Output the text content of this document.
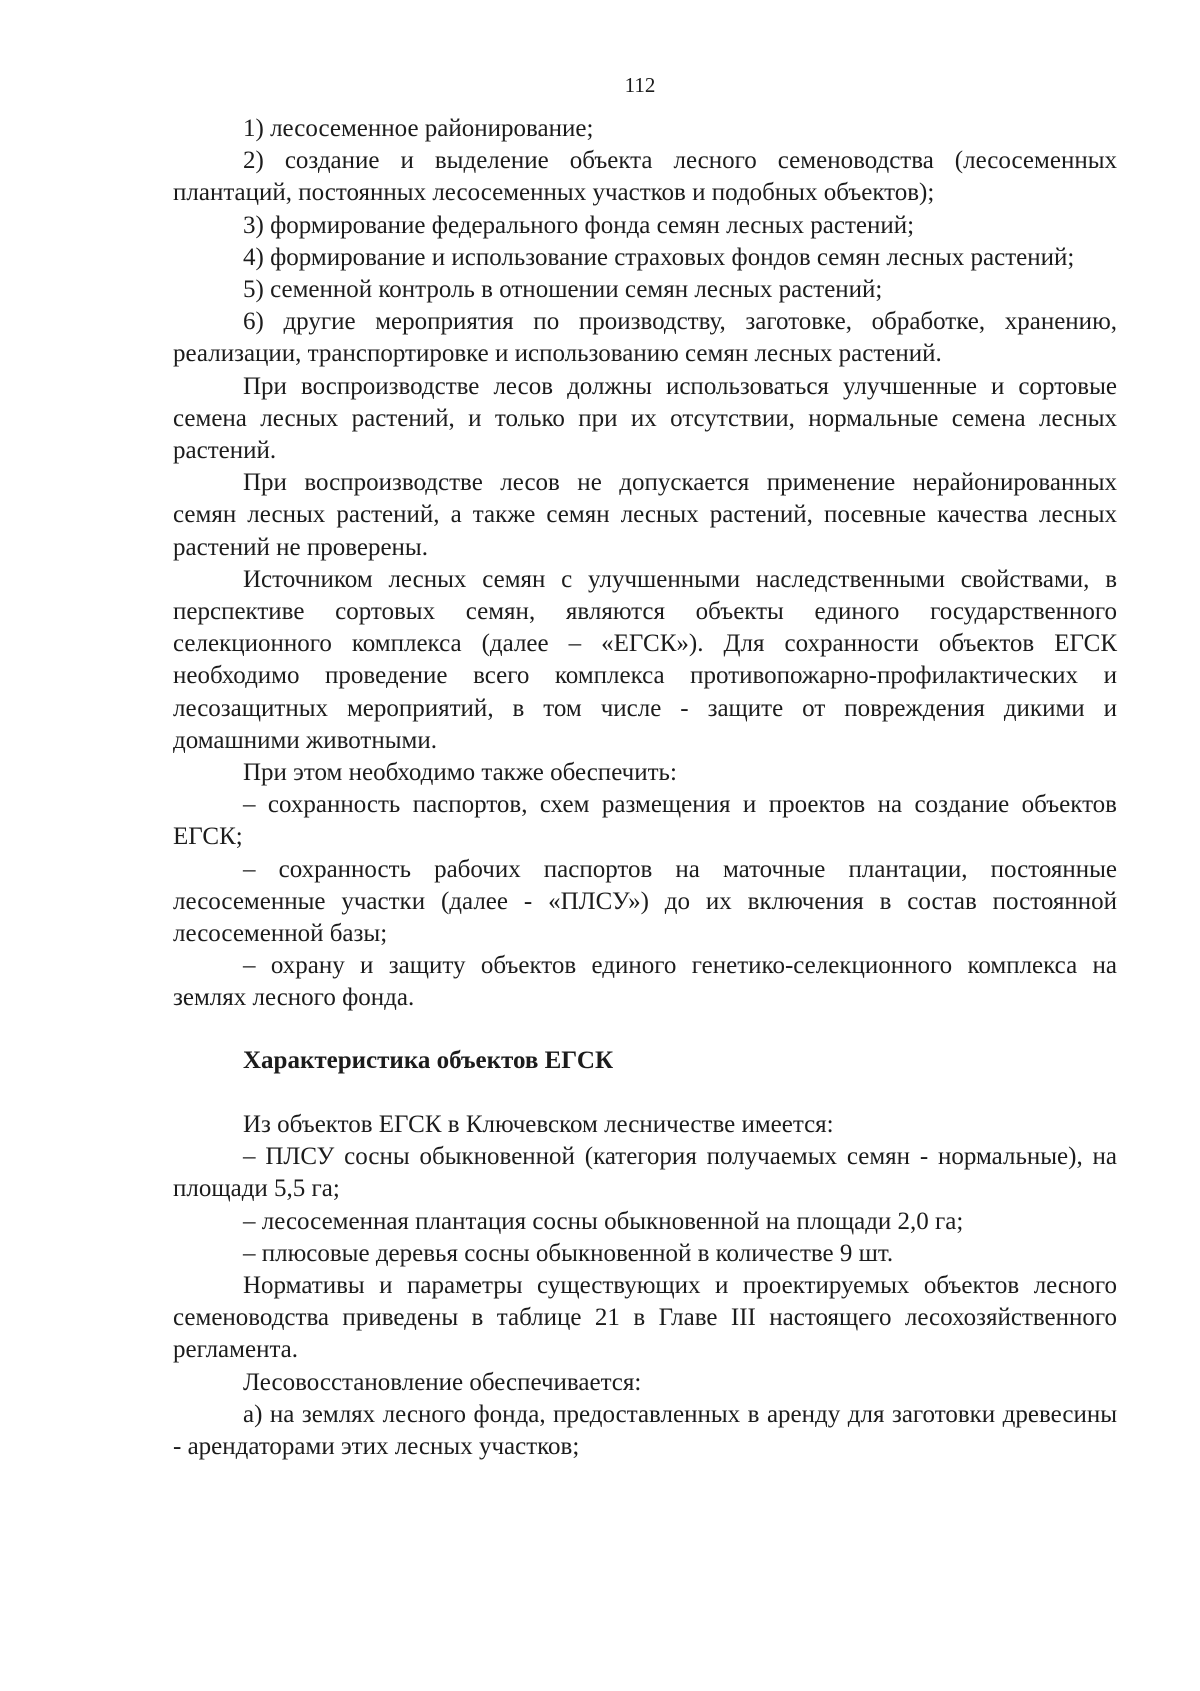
112

1) лесосеменное районирование;

2) создание и выделение объекта лесного семеноводства (лесосеменных плантаций, постоянных лесосеменных участков и подобных объектов);

3) формирование федерального фонда семян лесных растений;

4) формирование и использование страховых фондов семян лесных растений;

5) семенной контроль в отношении семян лесных растений;

6) другие мероприятия по производству, заготовке, обработке, хранению, реализации, транспортировке и использованию семян лесных растений.

При воспроизводстве лесов должны использоваться улучшенные и сортовые семена лесных растений, и только при их отсутствии, нормальные семена лесных растений.

При воспроизводстве лесов не допускается применение нерайонированных семян лесных растений, а также семян лесных растений, посевные качества лесных растений не проверены.

Источником лесных семян с улучшенными наследственными свойствами, в перспективе сортовых семян, являются объекты единого государственного селекционного комплекса (далее – «ЕГСК»). Для сохранности объектов ЕГСК необходимо проведение всего комплекса противопожарно-профилактических и лесозащитных мероприятий, в том числе - защите от повреждения дикими и домашними животными.

При этом необходимо также обеспечить:

– сохранность паспортов, схем размещения и проектов на создание объектов ЕГСК;

– сохранность рабочих паспортов на маточные плантации, постоянные лесосеменные участки (далее - «ПЛСУ») до их включения в состав постоянной лесосеменной базы;

– охрану и защиту объектов единого генетико-селекционного комплекса на землях лесного фонда.

Характеристика объектов ЕГСК

Из объектов ЕГСК в Ключевском лесничестве имеется:

– ПЛСУ сосны обыкновенной (категория получаемых семян - нормальные), на площади 5,5 га;

– лесосеменная плантация сосны обыкновенной на площади 2,0 га;

– плюсовые деревья сосны обыкновенной в количестве 9 шт.

Нормативы и параметры существующих и проектируемых объектов лесного семеноводства приведены в таблице 21 в Главе III настоящего лесохозяйственного регламента.

Лесовосстановление обеспечивается:

а) на землях лесного фонда, предоставленных в аренду для заготовки древесины - арендаторами этих лесных участков;
